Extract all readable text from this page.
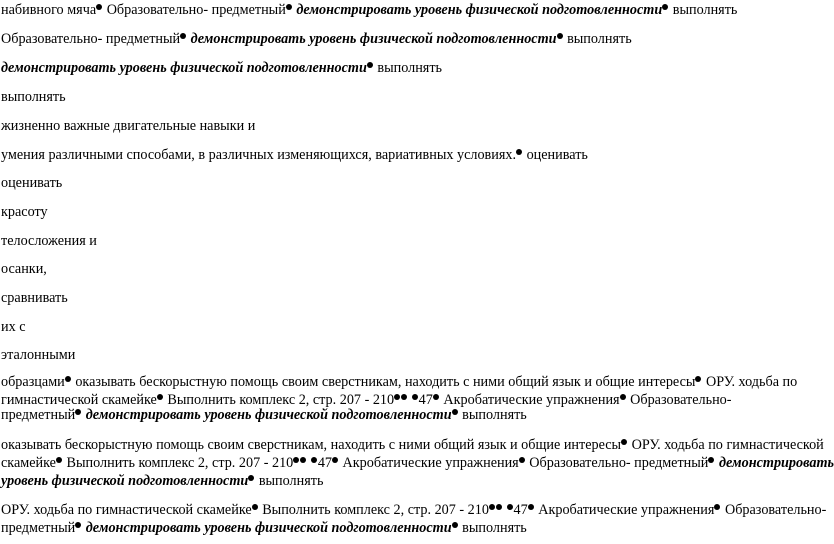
набивного мяча Образовательно- предметный демонстрировать уровень физической подготовленности выполнять
Образовательно- предметный демонстрировать уровень физической подготовленности выполнять
демонстрировать уровень физической подготовленности выполнять
выполнять
жизненно важные двигательные навыки и
умения различными способами, в различных изменяющихся, вариативных условиях. оценивать
оценивать
красоту
телосложения и
осанки,
сравнивать
их с
эталонными
образцами оказывать бескорыстную помощь своим сверстникам, находить с ними общий язык и общие интересы ОРУ. ходьба по
гимнастической скамейке Выполнить комплекс 2, стр. 207 - 210 47 Акробатические упражнения Образовательно-
предметный демонстрировать уровень физической подготовленности выполнять
оказывать бескорыстную помощь своим сверстникам, находить с ними общий язык и общие интересы ОРУ. ходьба по гимнастической
скамейке Выполнить комплекс 2, стр. 207 - 210 47 Акробатические упражнения Образовательно- предметный демонстрировать
уровень физической подготовленности выполнять
ОРУ. ходьба по гимнастической скамейке Выполнить комплекс 2, стр. 207 - 210 47 Акробатические упражнения Образовательно-
предметный демонстрировать уровень физической подготовленности выполнять
